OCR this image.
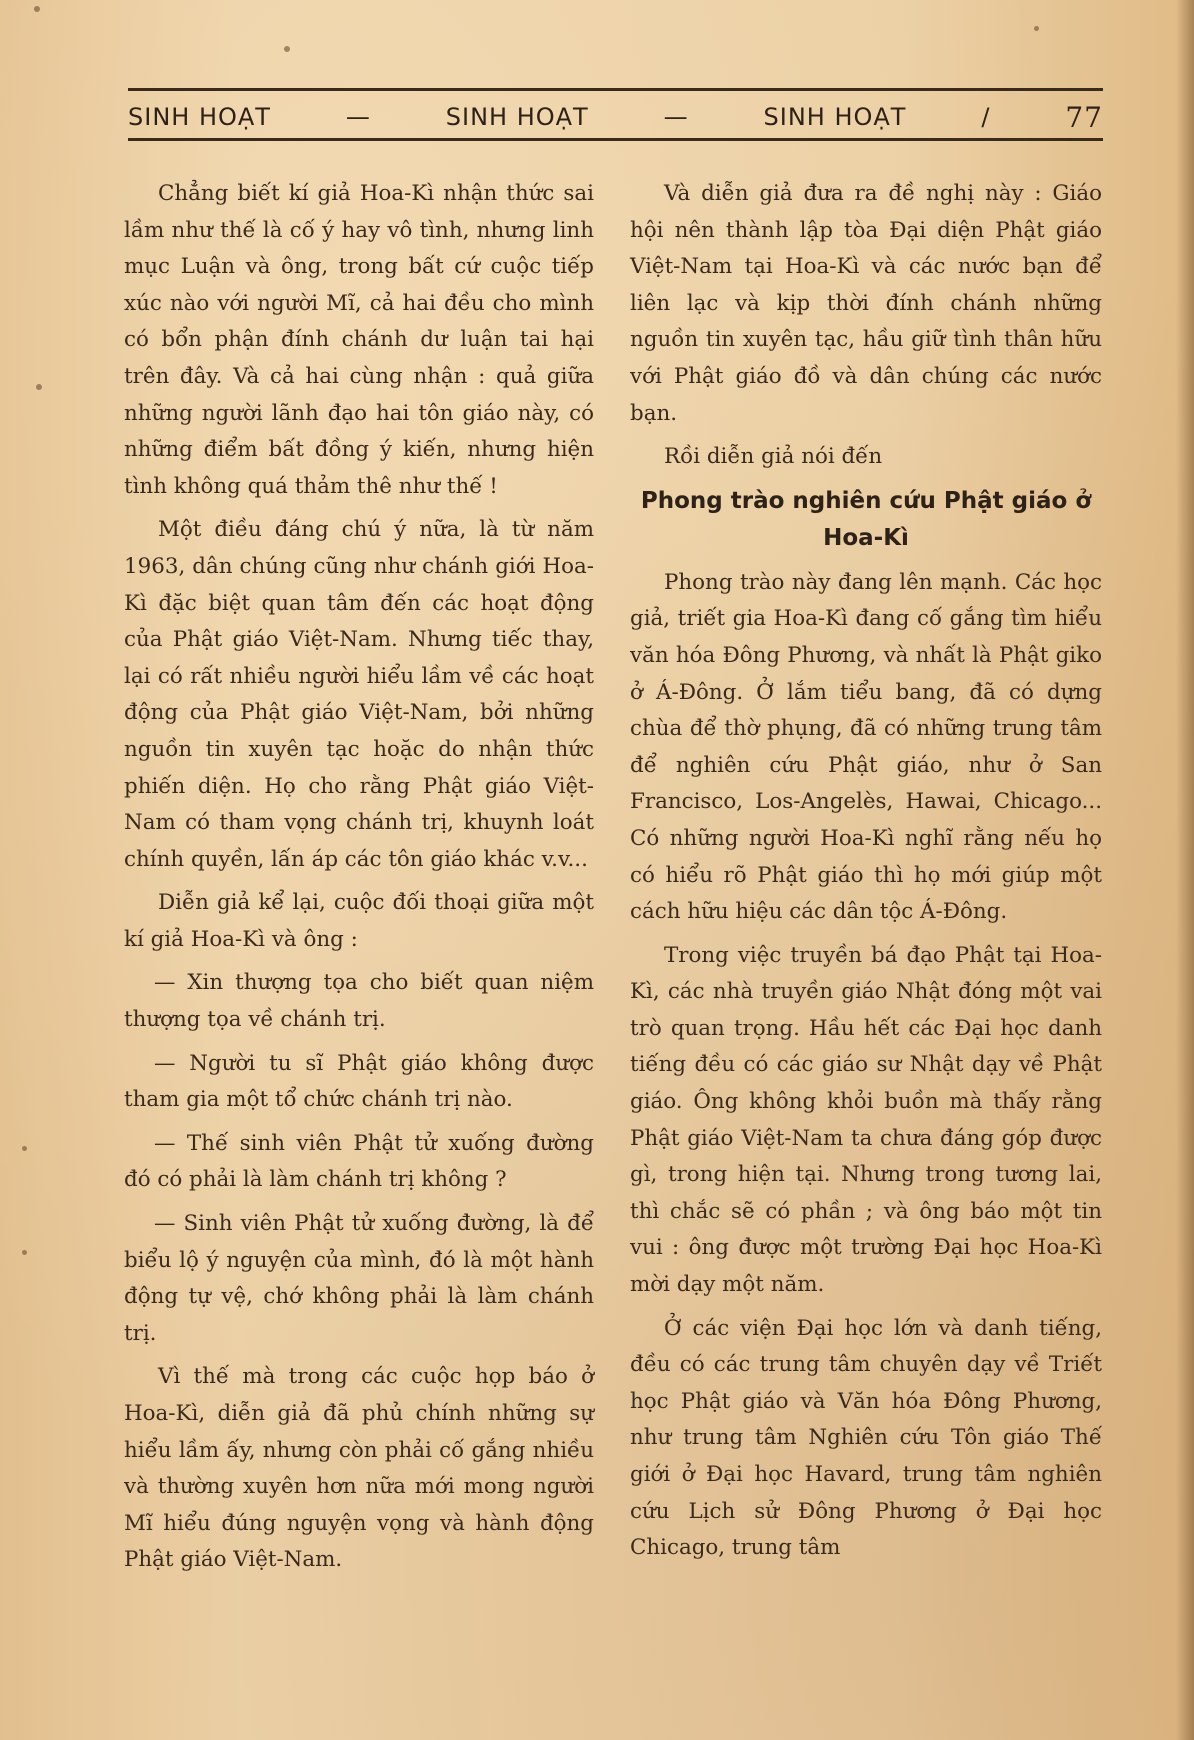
SINH HOẠT	—	SINH HOẠT	—	SINH HOẠT	/	77

Chẳng biết kí giả Hoa-Kì nhận thức sai lầm như thế là cố ý hay vô tình, nhưng linh mục Luận và ông, trong bất cứ cuộc tiếp xúc nào với người Mĩ, cả hai đều cho mình có bổn phận đính chánh dư luận tai hại trên đây. Và cả hai cùng nhận : quả giữa những người lãnh đạo hai tôn giáo này, có những điểm bất đồng ý kiến, nhưng hiện tình không quá thảm thê như thế !

Một điều đáng chú ý nữa, là từ năm 1963, dân chúng cũng như chánh giới Hoa-Kì đặc biệt quan tâm đến các hoạt động của Phật giáo Việt-Nam. Nhưng tiếc thay, lại có rất nhiều người hiểu lầm về các hoạt động của Phật giáo Việt-Nam, bởi những nguồn tin xuyên tạc hoặc do nhận thức phiến diện. Họ cho rằng Phật giáo Việt-Nam có tham vọng chánh trị, khuynh loát chính quyền, lấn áp các tôn giáo khác v.v...

Diễn giả kể lại, cuộc đối thoại giữa một kí giả Hoa-Kì và ông :

— Xin thượng tọa cho biết quan niệm thượng tọa về chánh trị.

— Người tu sĩ Phật giáo không được tham gia một tổ chức chánh trị nào.

— Thế sinh viên Phật tử xuống đường đó có phải là làm chánh trị không ?

— Sinh viên Phật tử xuống đường, là để biểu lộ ý nguyện của mình, đó là một hành động tự vệ, chớ không phải là làm chánh trị.

Vì thế mà trong các cuộc họp báo ở Hoa-Kì, diễn giả đã phủ chính những sự hiểu lầm ấy, nhưng còn phải cố gắng nhiều và thường xuyên hơn nữa mới mong người Mĩ hiểu đúng nguyện vọng và hành động Phật giáo Việt-Nam.

Và diễn giả đưa ra đề nghị này : Giáo hội nên thành lập tòa Đại diện Phật giáo Việt-Nam tại Hoa-Kì và các nước bạn để liên lạc và kịp thời đính chánh những nguồn tin xuyên tạc, hầu giữ tình thân hữu với Phật giáo đồ và dân chúng các nước bạn.

Rồi diễn giả nói đến

Phong trào nghiên cứu Phật giáo ở Hoa-Kì

Phong trào này đang lên mạnh. Các học giả, triết gia Hoa-Kì đang cố gắng tìm hiểu văn hóa Đông Phương, và nhất là Phật giko ở Á-Đông. Ở lắm tiểu bang, đã có dựng chùa để thờ phụng, đã có những trung tâm để nghiên cứu Phật giáo, như ở San Francisco, Los-Angelès, Hawai, Chicago... Có những người Hoa-Kì nghĩ rằng nếu họ có hiểu rõ Phật giáo thì họ mới giúp một cách hữu hiệu các dân tộc Á-Đông.

Trong việc truyền bá đạo Phật tại Hoa-Kì, các nhà truyền giáo Nhật đóng một vai trò quan trọng. Hầu hết các Đại học danh tiếng đều có các giáo sư Nhật dạy về Phật giáo. Ông không khỏi buồn mà thấy rằng Phật giáo Việt-Nam ta chưa đáng góp được gì, trong hiện tại. Nhưng trong tương lai, thì chắc sẽ có phần ; và ông báo một tin vui : ông được một trường Đại học Hoa-Kì mời dạy một năm.

Ở các viện Đại học lớn và danh tiếng, đều có các trung tâm chuyên dạy về Triết học Phật giáo và Văn hóa Đông Phương, như trung tâm Nghiên cứu Tôn giáo Thế giới ở Đại học Havard, trung tâm nghiên cứu Lịch sử Đông Phương ở Đại học Chicago, trung tâm
